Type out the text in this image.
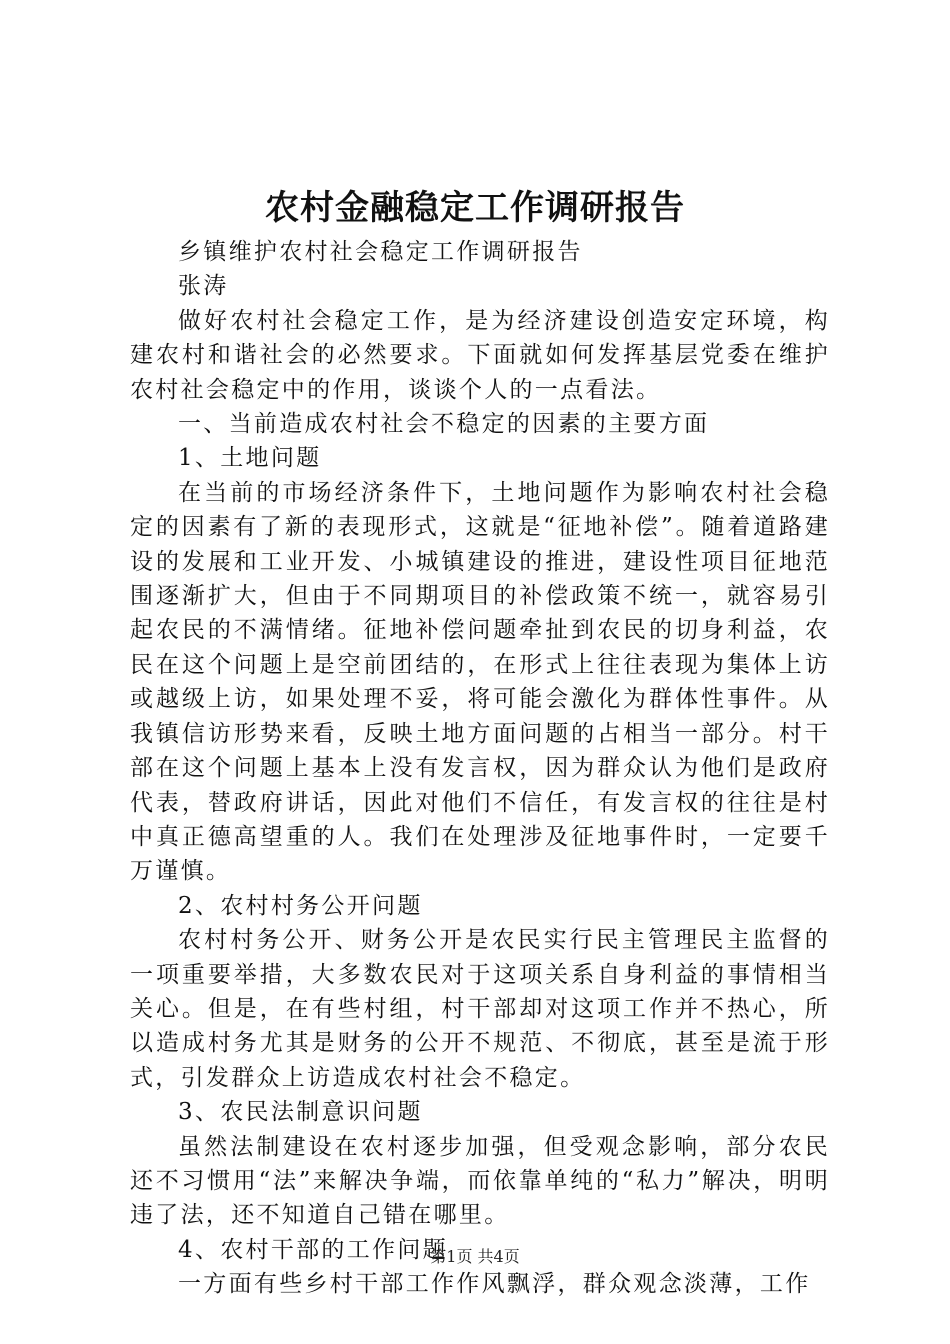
农村金融稳定工作调研报告

乡镇维护农村社会稳定工作调研报告

张涛

做好农村社会稳定工作，是为经济建设创造安定环境，构建农村和谐社会的必然要求。下面就如何发挥基层党委在维护农村社会稳定中的作用，谈谈个人的一点看法。

一、当前造成农村社会不稳定的因素的主要方面

1、土地问题

在当前的市场经济条件下，土地问题作为影响农村社会稳定的因素有了新的表现形式，这就是“征地补偿”。随着道路建设的发展和工业开发、小城镇建设的推进，建设性项目征地范围逐渐扩大，但由于不同期项目的补偿政策不统一，就容易引起农民的不满情绪。征地补偿问题牵扯到农民的切身利益，农民在这个问题上是空前团结的，在形式上往往表现为集体上访或越级上访，如果处理不妥，将可能会激化为群体性事件。从我镇信访形势来看，反映土地方面问题的占相当一部分。村干部在这个问题上基本上没有发言权，因为群众认为他们是政府代表，替政府讲话，因此对他们不信任，有发言权的往往是村中真正德高望重的人。我们在处理涉及征地事件时，一定要千万谨慎。

2、农村村务公开问题

农村村务公开、财务公开是农民实行民主管理民主监督的一项重要举措，大多数农民对于这项关系自身利益的事情相当关心。但是，在有些村组，村干部却对这项工作并不热心，所以造成村务尤其是财务的公开不规范、不彻底，甚至是流于形式，引发群众上访造成农村社会不稳定。

3、农民法制意识问题

虽然法制建设在农村逐步加强，但受观念影响，部分农民还不习惯用“法”来解决争端，而依靠单纯的“私力”解决，明明违了法，还不知道自己错在哪里。

4、农村干部的工作问题

一方面有些乡村干部工作作风飘浮，群众观念淡薄，工作

第1页 共4页
